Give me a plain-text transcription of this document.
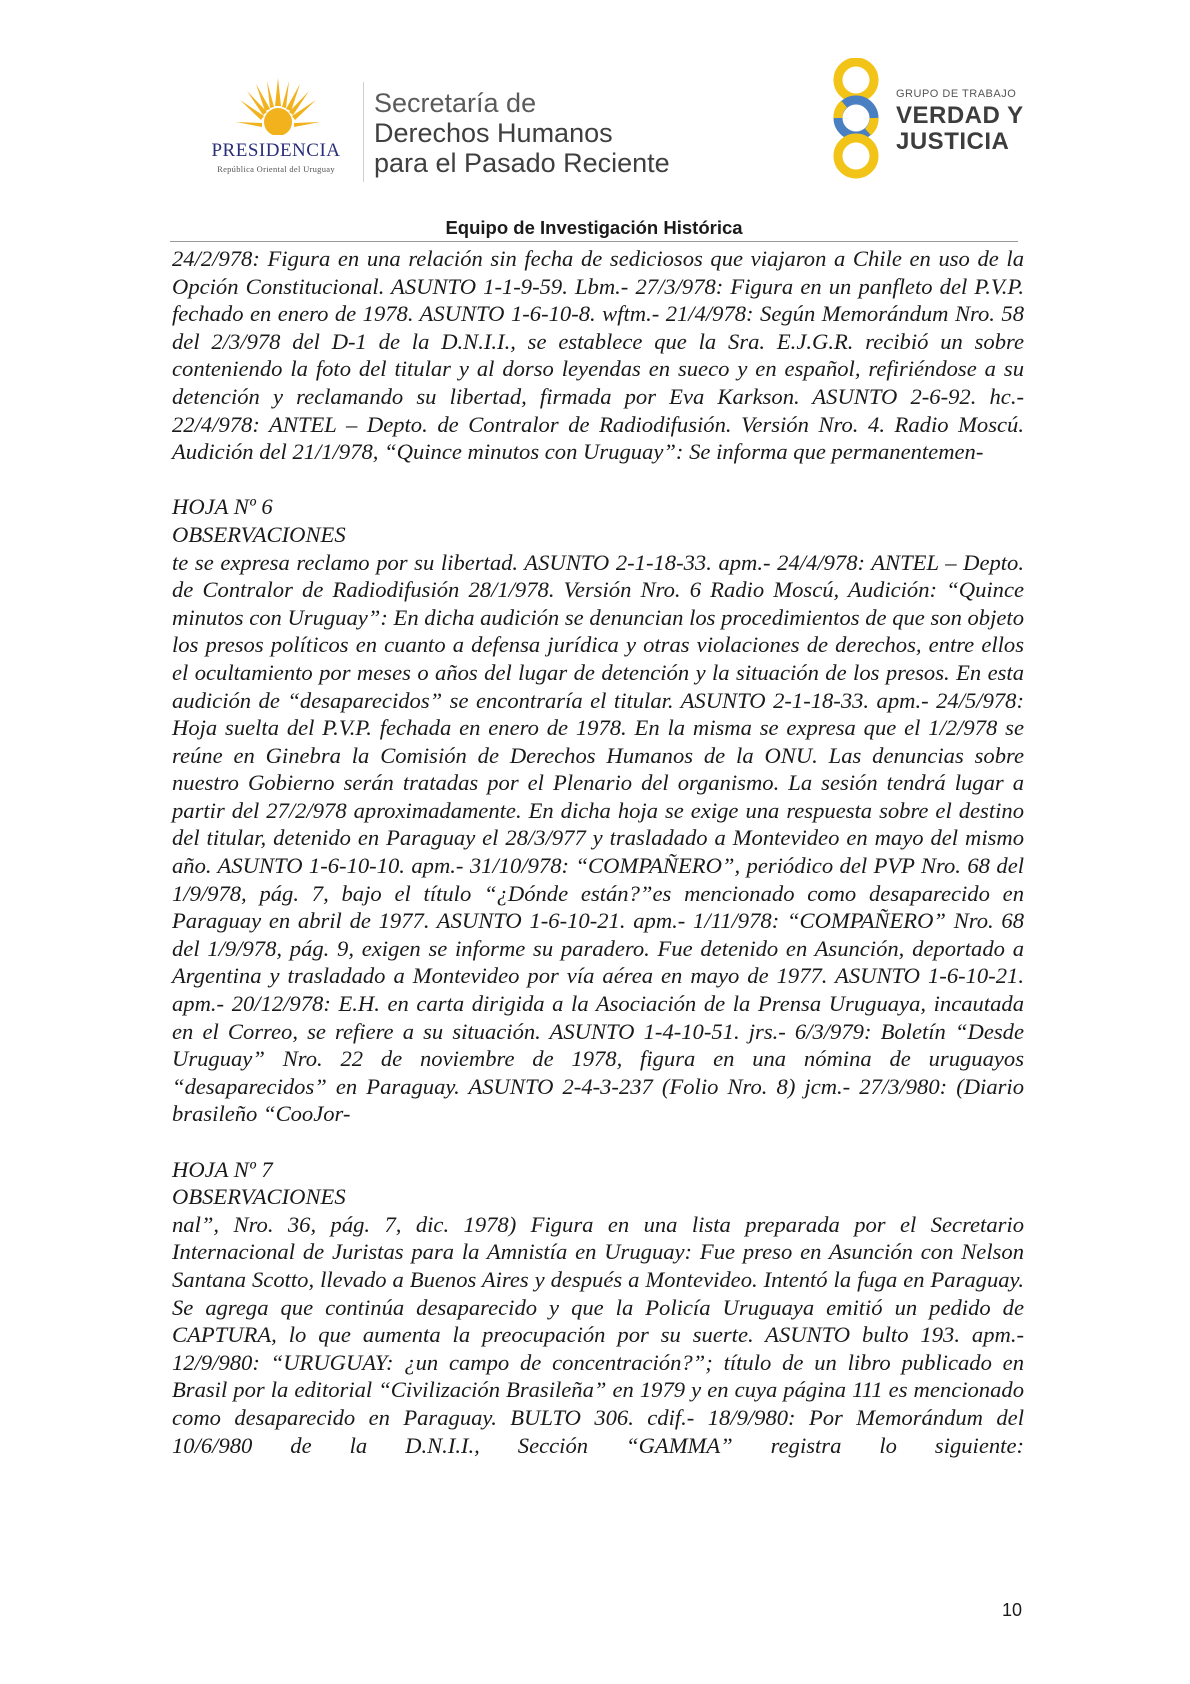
PRESIDENCIA
República Oriental del Uruguay
Secretaría de
Derechos Humanos
para el Pasado Reciente
GRUPO DE TRABAJO
VERDAD Y
JUSTICIA
Equipo de Investigación Histórica

24/2/978: Figura en una relación sin fecha de sediciosos que viajaron a Chile en uso de la Opción Constitucional. ASUNTO 1-1-9-59. Lbm.- 27/3/978: Figura en un panfleto del P.V.P. fechado en enero de 1978. ASUNTO 1-6-10-8. wftm.- 21/4/978: Según Memorándum Nro. 58 del 2/3/978 del D-1 de la D.N.I.I., se establece que la Sra. E.J.G.R. recibió un sobre conteniendo la foto del titular y al dorso leyendas en sueco y en español, refiriéndose a su detención y reclamando su libertad, firmada por Eva Karkson. ASUNTO 2-6-92. hc.- 22/4/978: ANTEL – Depto. de Contralor de Radiodifusión. Versión Nro. 4. Radio Moscú. Audición del 21/1/978, “Quince minutos con Uruguay”: Se informa que permanentemen-

HOJA Nº 6

OBSERVACIONES

te se expresa reclamo por su libertad. ASUNTO 2-1-18-33. apm.- 24/4/978: ANTEL – Depto. de Contralor de Radiodifusión 28/1/978. Versión Nro. 6 Radio Moscú, Audición: “Quince minutos con Uruguay”: En dicha audición se denuncian los procedimientos de que son objeto los presos políticos en cuanto a defensa jurídica y otras violaciones de derechos, entre ellos el ocultamiento por meses o años del lugar de detención y la situación de los presos. En esta audición de “desaparecidos” se encontraría el titular. ASUNTO 2-1-18-33. apm.- 24/5/978: Hoja suelta del P.V.P. fechada en enero de 1978. En la misma se expresa que el 1/2/978 se reúne en Ginebra la Comisión de Derechos Humanos de la ONU. Las denuncias sobre nuestro Gobierno serán tratadas por el Plenario del organismo. La sesión tendrá lugar a partir del 27/2/978 aproximadamente. En dicha hoja se exige una respuesta sobre el destino del titular, detenido en Paraguay el 28/3/977 y trasladado a Montevideo en mayo del mismo año. ASUNTO 1-6-10-10. apm.- 31/10/978: “COMPAÑERO”, periódico del PVP Nro. 68 del 1/9/978, pág. 7, bajo el título “¿Dónde están?”es mencionado como desaparecido en Paraguay en abril de 1977. ASUNTO 1-6-10-21. apm.- 1/11/978: “COMPAÑERO” Nro. 68 del 1/9/978, pág. 9, exigen se informe su paradero. Fue detenido en Asunción, deportado a Argentina y trasladado a Montevideo por vía aérea en mayo de 1977. ASUNTO 1-6-10-21. apm.- 20/12/978: E.H. en carta dirigida a la Asociación de la Prensa Uruguaya, incautada en el Correo, se refiere a su situación. ASUNTO 1-4-10-51. jrs.- 6/3/979: Boletín “Desde Uruguay” Nro. 22 de noviembre de 1978, figura en una nómina de uruguayos “desaparecidos” en Paraguay. ASUNTO 2-4-3-237 (Folio Nro. 8) jcm.- 27/3/980: (Diario brasileño “CooJor-

HOJA Nº 7

OBSERVACIONES

nal”, Nro. 36, pág. 7, dic. 1978) Figura en una lista preparada por el Secretario Internacional de Juristas para la Amnistía en Uruguay: Fue preso en Asunción con Nelson Santana Scotto, llevado a Buenos Aires y después a Montevideo. Intentó la fuga en Paraguay. Se agrega que continúa desaparecido y que la Policía Uruguaya emitió un pedido de CAPTURA, lo que aumenta la preocupación por su suerte. ASUNTO bulto 193. apm.- 12/9/980: “URUGUAY: ¿un campo de concentración?”; título de un libro publicado en Brasil por la editorial “Civilización Brasileña” en 1979 y en cuya página 111 es mencionado como desaparecido en Paraguay. BULTO 306. cdif.- 18/9/980: Por Memorándum del 10/6/980 de la D.N.I.I., Sección “GAMMA” registra lo siguiente:

10
